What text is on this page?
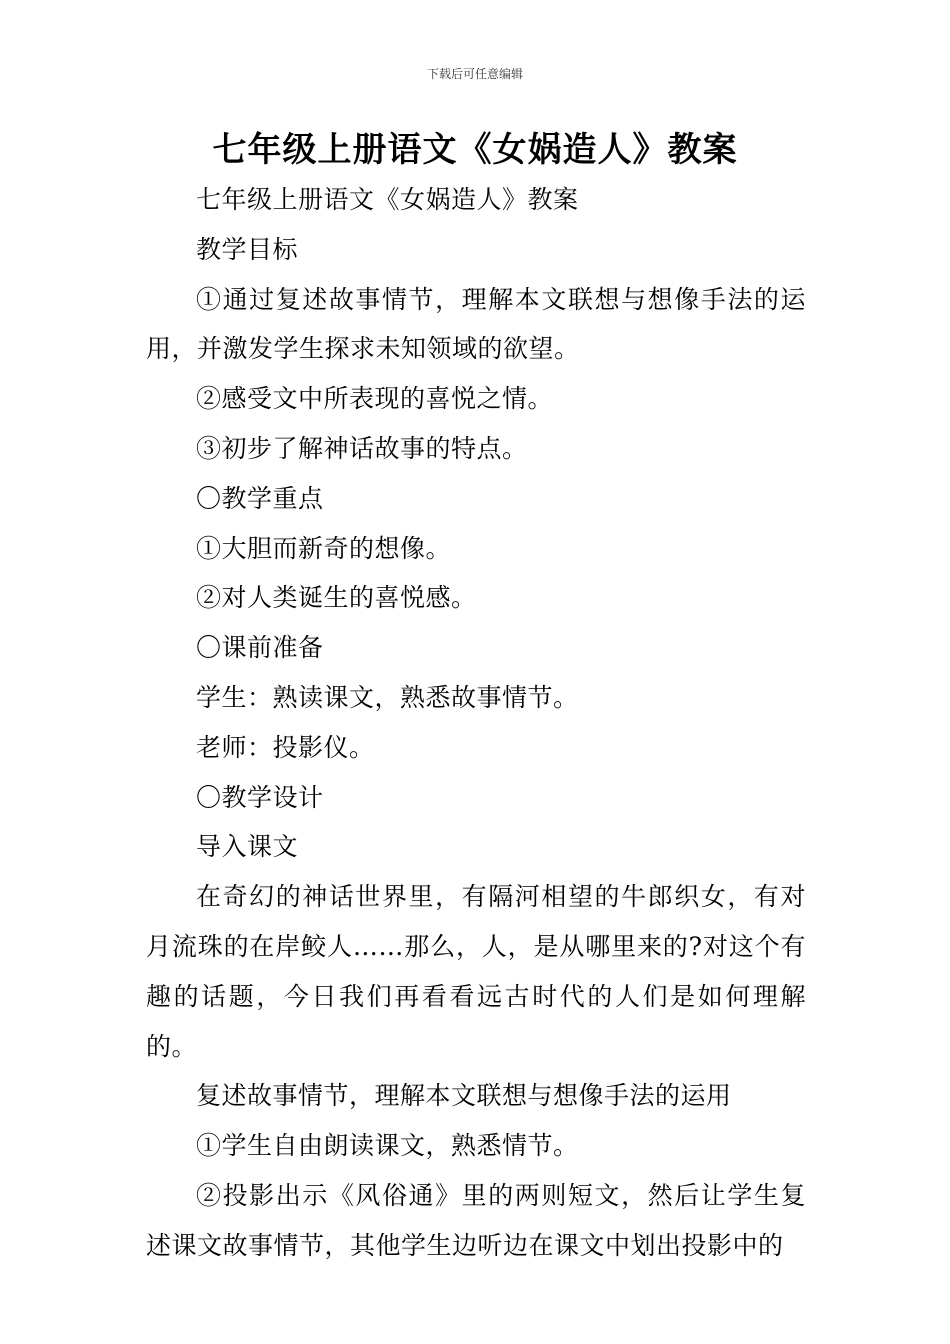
下载后可任意编辑
七年级上册语文《女娲造人》教案

七年级上册语文《女娲造人》教案

教学目标

①通过复述故事情节，理解本文联想与想像手法的运用，并激发学生探求未知领域的欲望。

②感受文中所表现的喜悦之情。

③初步了解神话故事的特点。

〇教学重点

①大胆而新奇的想像。

②对人类诞生的喜悦感。

〇课前准备

学生：熟读课文，熟悉故事情节。

老师：投影仪。

〇教学设计

导入课文

在奇幻的神话世界里，有隔河相望的牛郎织女，有对月流珠的在岸鲛人……那么，人，是从哪里来的?对这个有趣的话题，今日我们再看看远古时代的人们是如何理解的。

复述故事情节，理解本文联想与想像手法的运用

①学生自由朗读课文，熟悉情节。

②投影出示《风俗通》里的两则短文，然后让学生复述课文故事情节，其他学生边听边在课文中划出投影中的
